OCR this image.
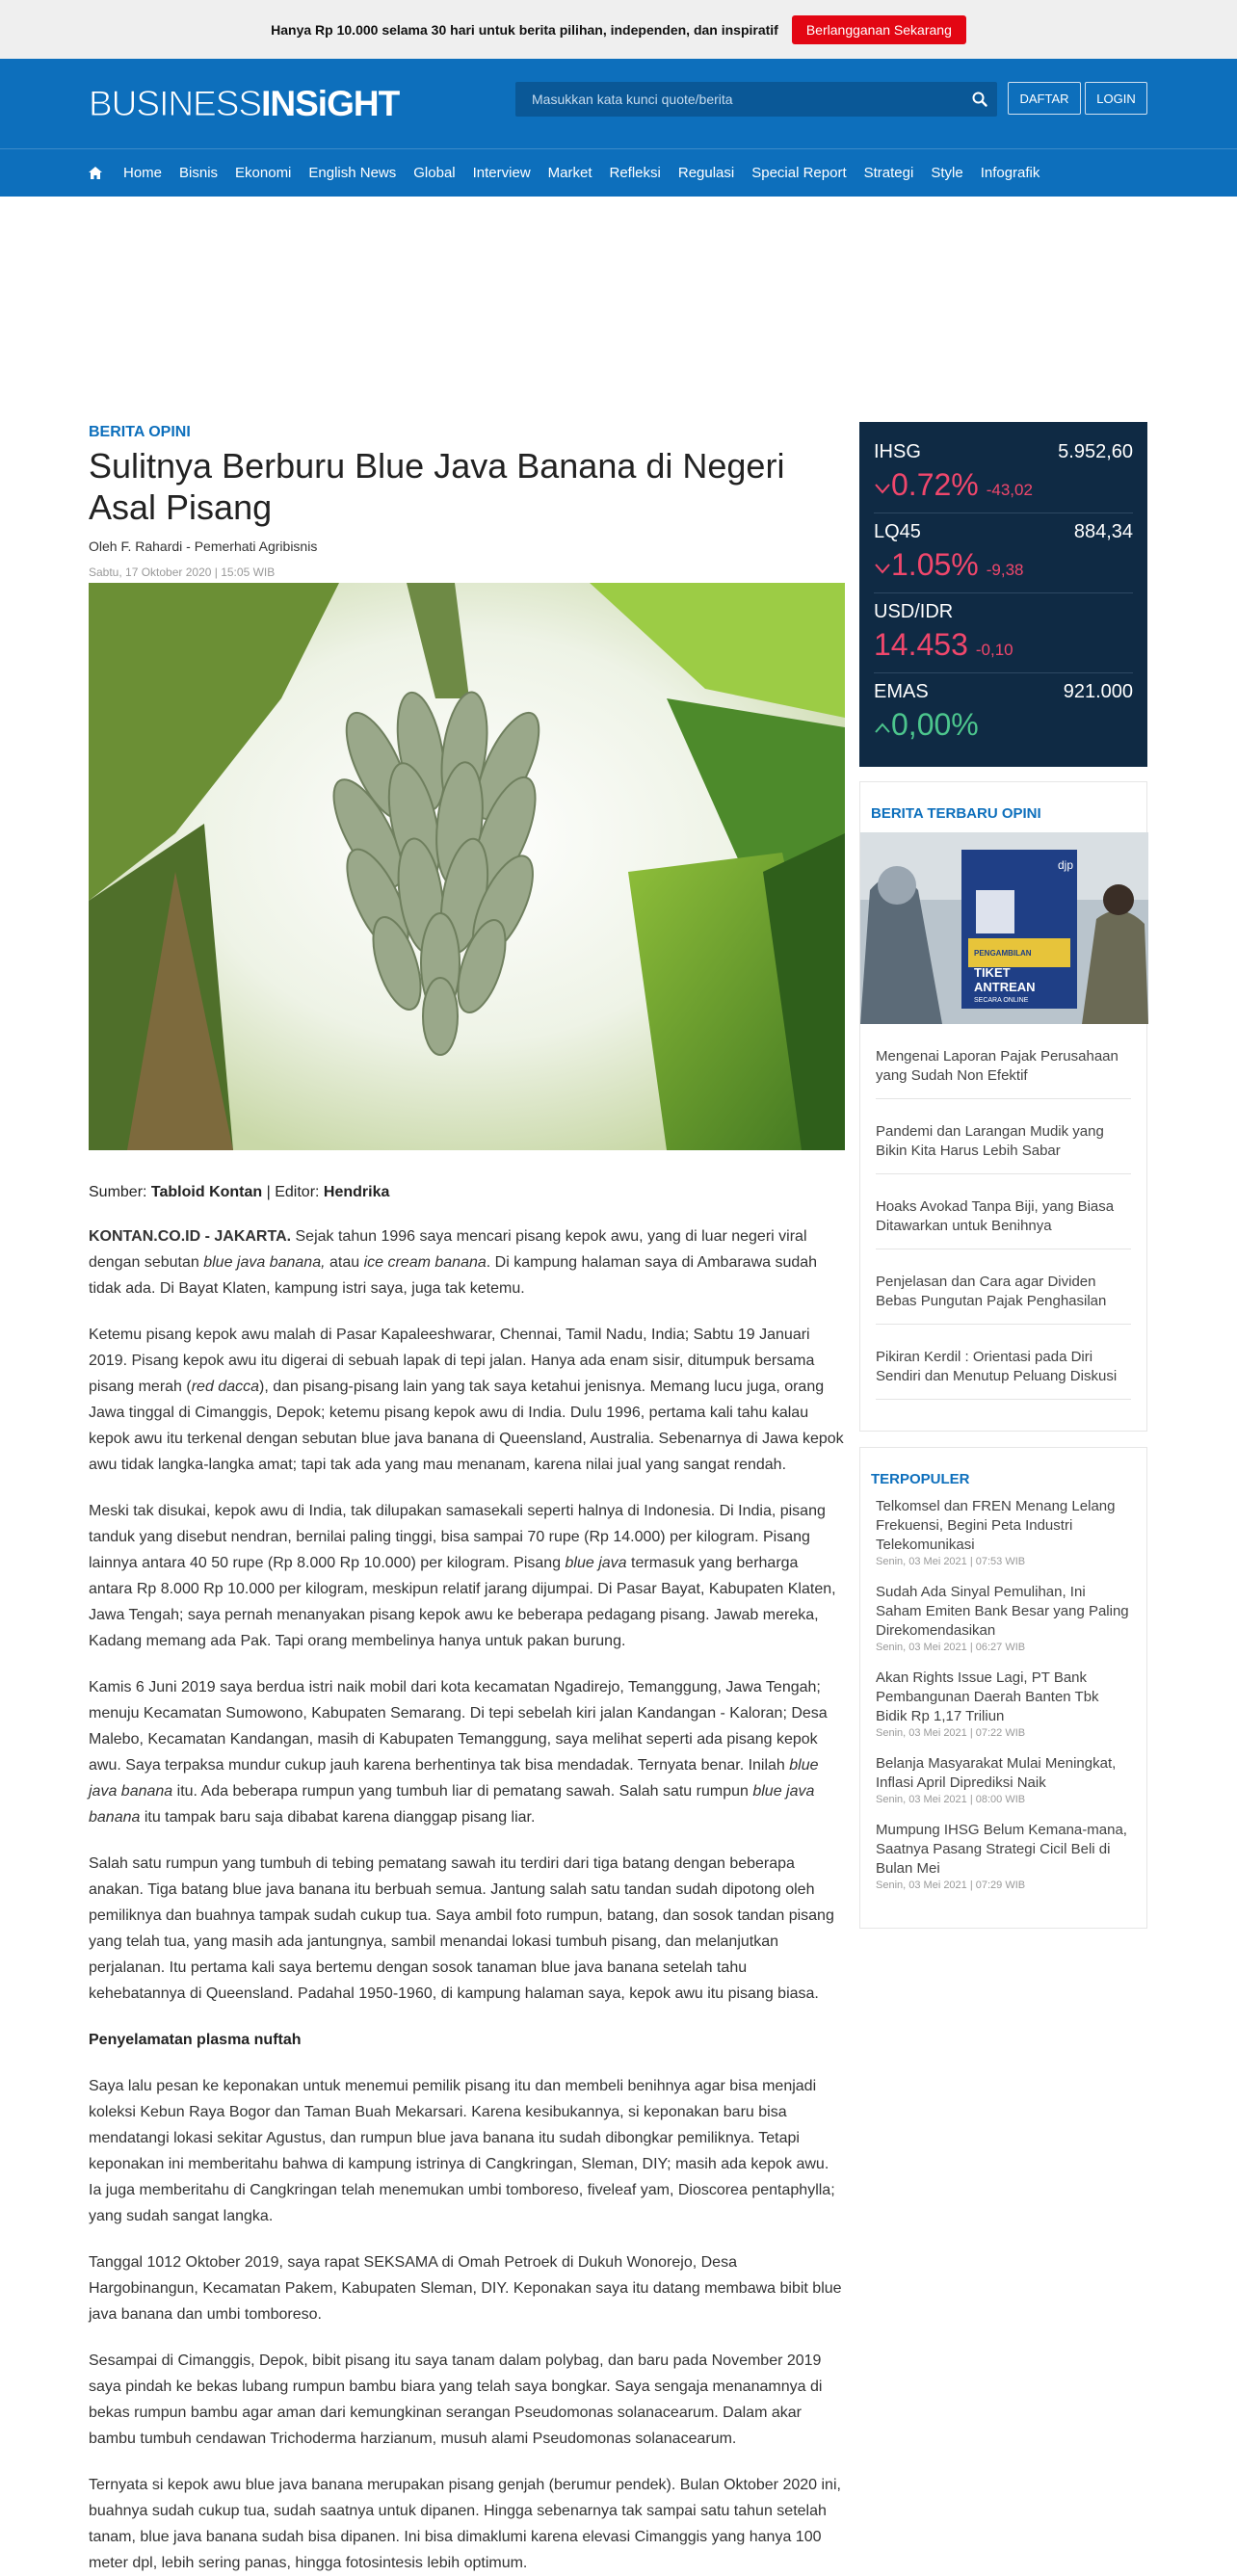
Hanya Rp 10.000 selama 30 hari untuk berita pilihan, independen, dan inspiratif	Berlangganan Sekarang
BUSINESS INSiGHT
Masukkan kata kunci quote/berita	DAFTAR	LOGIN
Home Bisnis Ekonomi English News Global Interview Market Refleksi Regulasi Special Report Strategi Style Infografik
BERITA OPINI
Sulitnya Berburu Blue Java Banana di Negeri Asal Pisang
Oleh F. Rahardi - Pemerhati Agribisnis
Sabtu, 17 Oktober 2020 | 15:05 WIB
Sumber: Tabloid Kontan | Editor: Hendrika

KONTAN.CO.ID - JAKARTA. Sejak tahun 1996 saya mencari pisang kepok awu, yang di luar negeri viral dengan sebutan blue java banana, atau ice cream banana. Di kampung halaman saya di Ambarawa sudah tidak ada. Di Bayat Klaten, kampung istri saya, juga tak ketemu.

Ketemu pisang kepok awu malah di Pasar Kapaleeshwarar, Chennai, Tamil Nadu, India; Sabtu 19 Januari 2019. Pisang kepok awu itu digerai di sebuah lapak di tepi jalan. Hanya ada enam sisir, ditumpuk bersama pisang merah (red dacca), dan pisang-pisang lain yang tak saya ketahui jenisnya. Memang lucu juga, orang Jawa tinggal di Cimanggis, Depok; ketemu pisang kepok awu di India. Dulu 1996, pertama kali tahu kalau kepok awu itu terkenal dengan sebutan blue java banana di Queensland, Australia. Sebenarnya di Jawa kepok awu tidak langka-langka amat; tapi tak ada yang mau menanam, karena nilai jual yang sangat rendah.

Meski tak disukai, kepok awu di India, tak dilupakan samasekali seperti halnya di Indonesia. Di India, pisang tanduk yang disebut nendran, bernilai paling tinggi, bisa sampai 70 rupe (Rp 14.000) per kilogram. Pisang lainnya antara 40 50 rupe (Rp 8.000 Rp 10.000) per kilogram. Pisang blue java termasuk yang berharga antara Rp 8.000 Rp 10.000 per kilogram, meskipun relatif jarang dijumpai. Di Pasar Bayat, Kabupaten Klaten, Jawa Tengah; saya pernah menanyakan pisang kepok awu ke beberapa pedagang pisang. Jawab mereka, Kadang memang ada Pak. Tapi orang membelinya hanya untuk pakan burung.

Kamis 6 Juni 2019 saya berdua istri naik mobil dari kota kecamatan Ngadirejo, Temanggung, Jawa Tengah; menuju Kecamatan Sumowono, Kabupaten Semarang. Di tepi sebelah kiri jalan Kandangan - Kaloran; Desa Malebo, Kecamatan Kandangan, masih di Kabupaten Temanggung, saya melihat seperti ada pisang kepok awu. Saya terpaksa mundur cukup jauh karena berhentinya tak bisa mendadak. Ternyata benar. Inilah blue java banana itu. Ada beberapa rumpun yang tumbuh liar di pematang sawah. Salah satu rumpun blue java banana itu tampak baru saja dibabat karena dianggap pisang liar.

Salah satu rumpun yang tumbuh di tebing pematang sawah itu terdiri dari tiga batang dengan beberapa anakan. Tiga batang blue java banana itu berbuah semua. Jantung salah satu tandan sudah dipotong oleh pemiliknya dan buahnya tampak sudah cukup tua. Saya ambil foto rumpun, batang, dan sosok tandan pisang yang telah tua, yang masih ada jantungnya, sambil menandai lokasi tumbuh pisang, dan melanjutkan perjalanan. Itu pertama kali saya bertemu dengan sosok tanaman blue java banana setelah tahu kehebatannya di Queensland. Padahal 1950-1960, di kampung halaman saya, kepok awu itu pisang biasa.

Penyelamatan plasma nuftah

Saya lalu pesan ke keponakan untuk menemui pemilik pisang itu dan membeli benihnya agar bisa menjadi koleksi Kebun Raya Bogor dan Taman Buah Mekarsari. Karena kesibukannya, si keponakan baru bisa mendatangi lokasi sekitar Agustus, dan rumpun blue java banana itu sudah dibongkar pemiliknya. Tetapi keponakan ini memberitahu bahwa di kampung istrinya di Cangkringan, Sleman, DIY; masih ada kepok awu. Ia juga memberitahu di Cangkringan telah menemukan umbi tomboreso, fiveleaf yam, Dioscorea pentaphylla; yang sudah sangat langka.

Tanggal 1012 Oktober 2019, saya rapat SEKSAMA di Omah Petroek di Dukuh Wonorejo, Desa Hargobinangun, Kecamatan Pakem, Kabupaten Sleman, DIY. Keponakan saya itu datang membawa bibit blue java banana dan umbi tomboreso.

Sesampai di Cimanggis, Depok, bibit pisang itu saya tanam dalam polybag, dan baru pada November 2019 saya pindah ke bekas lubang rumpun bambu biara yang telah saya bongkar. Saya sengaja menanamnya di bekas rumpun bambu agar aman dari kemungkinan serangan Pseudomonas solanacearum. Dalam akar bambu tumbuh cendawan Trichoderma harzianum, musuh alami Pseudomonas solanacearum.

Ternyata si kepok awu blue java banana merupakan pisang genjah (berumur pendek). Bulan Oktober 2020 ini, buahnya sudah cukup tua, sudah saatnya untuk dipanen. Hingga sebenarnya tak sampai satu tahun setelah tanam, blue java banana sudah bisa dipanen. Ini bisa dimaklumi karena elevasi Cimanggis yang hanya 100 meter dpl, lebih sering panas, hingga fotosintesis lebih optimum.

IHSG	5.952,60
0.72% -43,02
LQ45	884,34
1.05% -9,38
USD/IDR
14.453 -0,10
EMAS	921.000
0,00%
BERITA TERBARU OPINI
djp
PENGAMBILAN
TIKET
ANTREAN
SECARA ONLINE
Mengenai Laporan Pajak Perusahaan yang Sudah Non Efektif
Pandemi dan Larangan Mudik yang Bikin Kita Harus Lebih Sabar
Hoaks Avokad Tanpa Biji, yang Biasa Ditawarkan untuk Benihnya
Penjelasan dan Cara agar Dividen Bebas Pungutan Pajak Penghasilan
Pikiran Kerdil : Orientasi pada Diri Sendiri dan Menutup Peluang Diskusi
TERPOPULER
Telkomsel dan FREN Menang Lelang Frekuensi, Begini Peta Industri Telekomunikasi
Senin, 03 Mei 2021 | 07:53 WIB
Sudah Ada Sinyal Pemulihan, Ini Saham Emiten Bank Besar yang Paling Direkomendasikan
Senin, 03 Mei 2021 | 06:27 WIB
Akan Rights Issue Lagi, PT Bank Pembangunan Daerah Banten Tbk Bidik Rp 1,17 Triliun
Senin, 03 Mei 2021 | 07:22 WIB
Belanja Masyarakat Mulai Meningkat, Inflasi April Diprediksi Naik
Senin, 03 Mei 2021 | 08:00 WIB
Mumpung IHSG Belum Kemana-mana, Saatnya Pasang Strategi Cicil Beli di Bulan Mei
Senin, 03 Mei 2021 | 07:29 WIB
